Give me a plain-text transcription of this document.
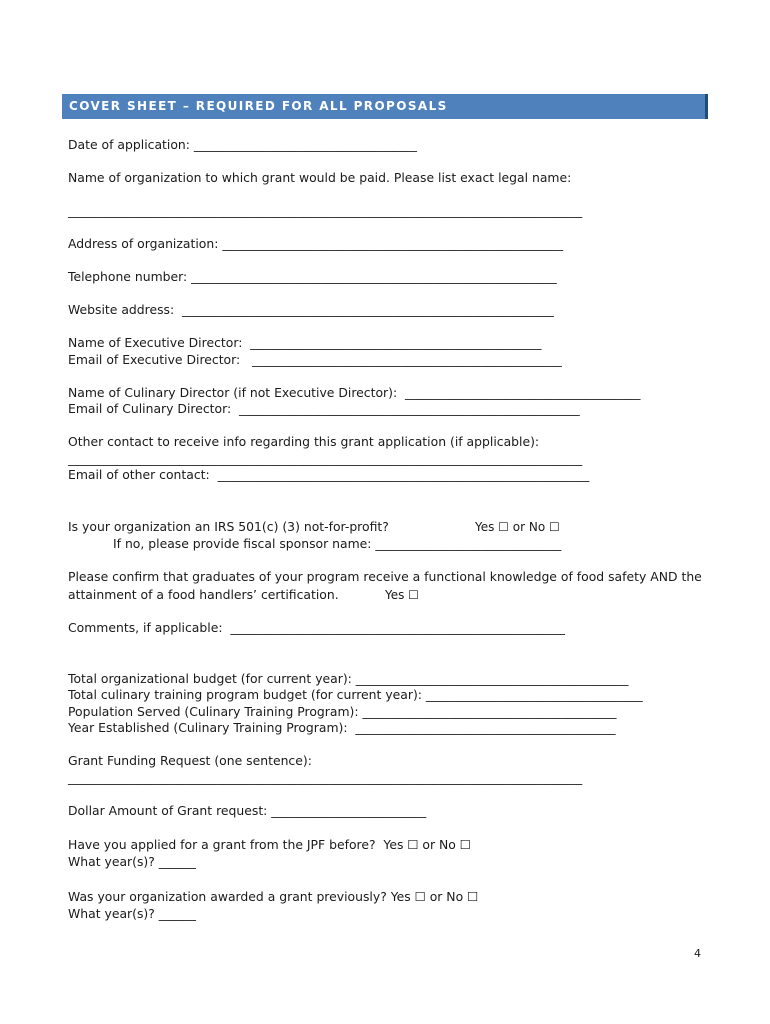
COVER SHEET – REQUIRED FOR ALL PROPOSALS
Date of application: ____________________________________
Name of organization to which grant would be paid. Please list exact legal name:
___________________________________________________________________________________
Address of organization: _______________________________________________________
Telephone number: ___________________________________________________________
Website address:  ____________________________________________________________
Name of Executive Director:  _______________________________________________
Email of Executive Director:   __________________________________________________
Name of Culinary Director (if not Executive Director):  ______________________________________
Email of Culinary Director:  _______________________________________________________
Other contact to receive info regarding this grant application (if applicable):
___________________________________________________________________________________
Email of other contact:  ____________________________________________________________
Is your organization an IRS 501(c) (3) not-for-profit?	Yes ☐ or No ☐
If no, please provide fiscal sponsor name: ______________________________
Please confirm that graduates of your program receive a functional knowledge of food safety AND the
attainment of a food handlers’ certification.	Yes ☐
Comments, if applicable:  ______________________________________________________
Total organizational budget (for current year): ____________________________________________
Total culinary training program budget (for current year): ___________________________________
Population Served (Culinary Training Program): _________________________________________
Year Established (Culinary Training Program):  __________________________________________
Grant Funding Request (one sentence):
___________________________________________________________________________________
Dollar Amount of Grant request: _________________________
Have you applied for a grant from the JPF before?  Yes ☐ or No ☐
What year(s)? ______
Was your organization awarded a grant previously? Yes ☐ or No ☐
What year(s)? ______
4
